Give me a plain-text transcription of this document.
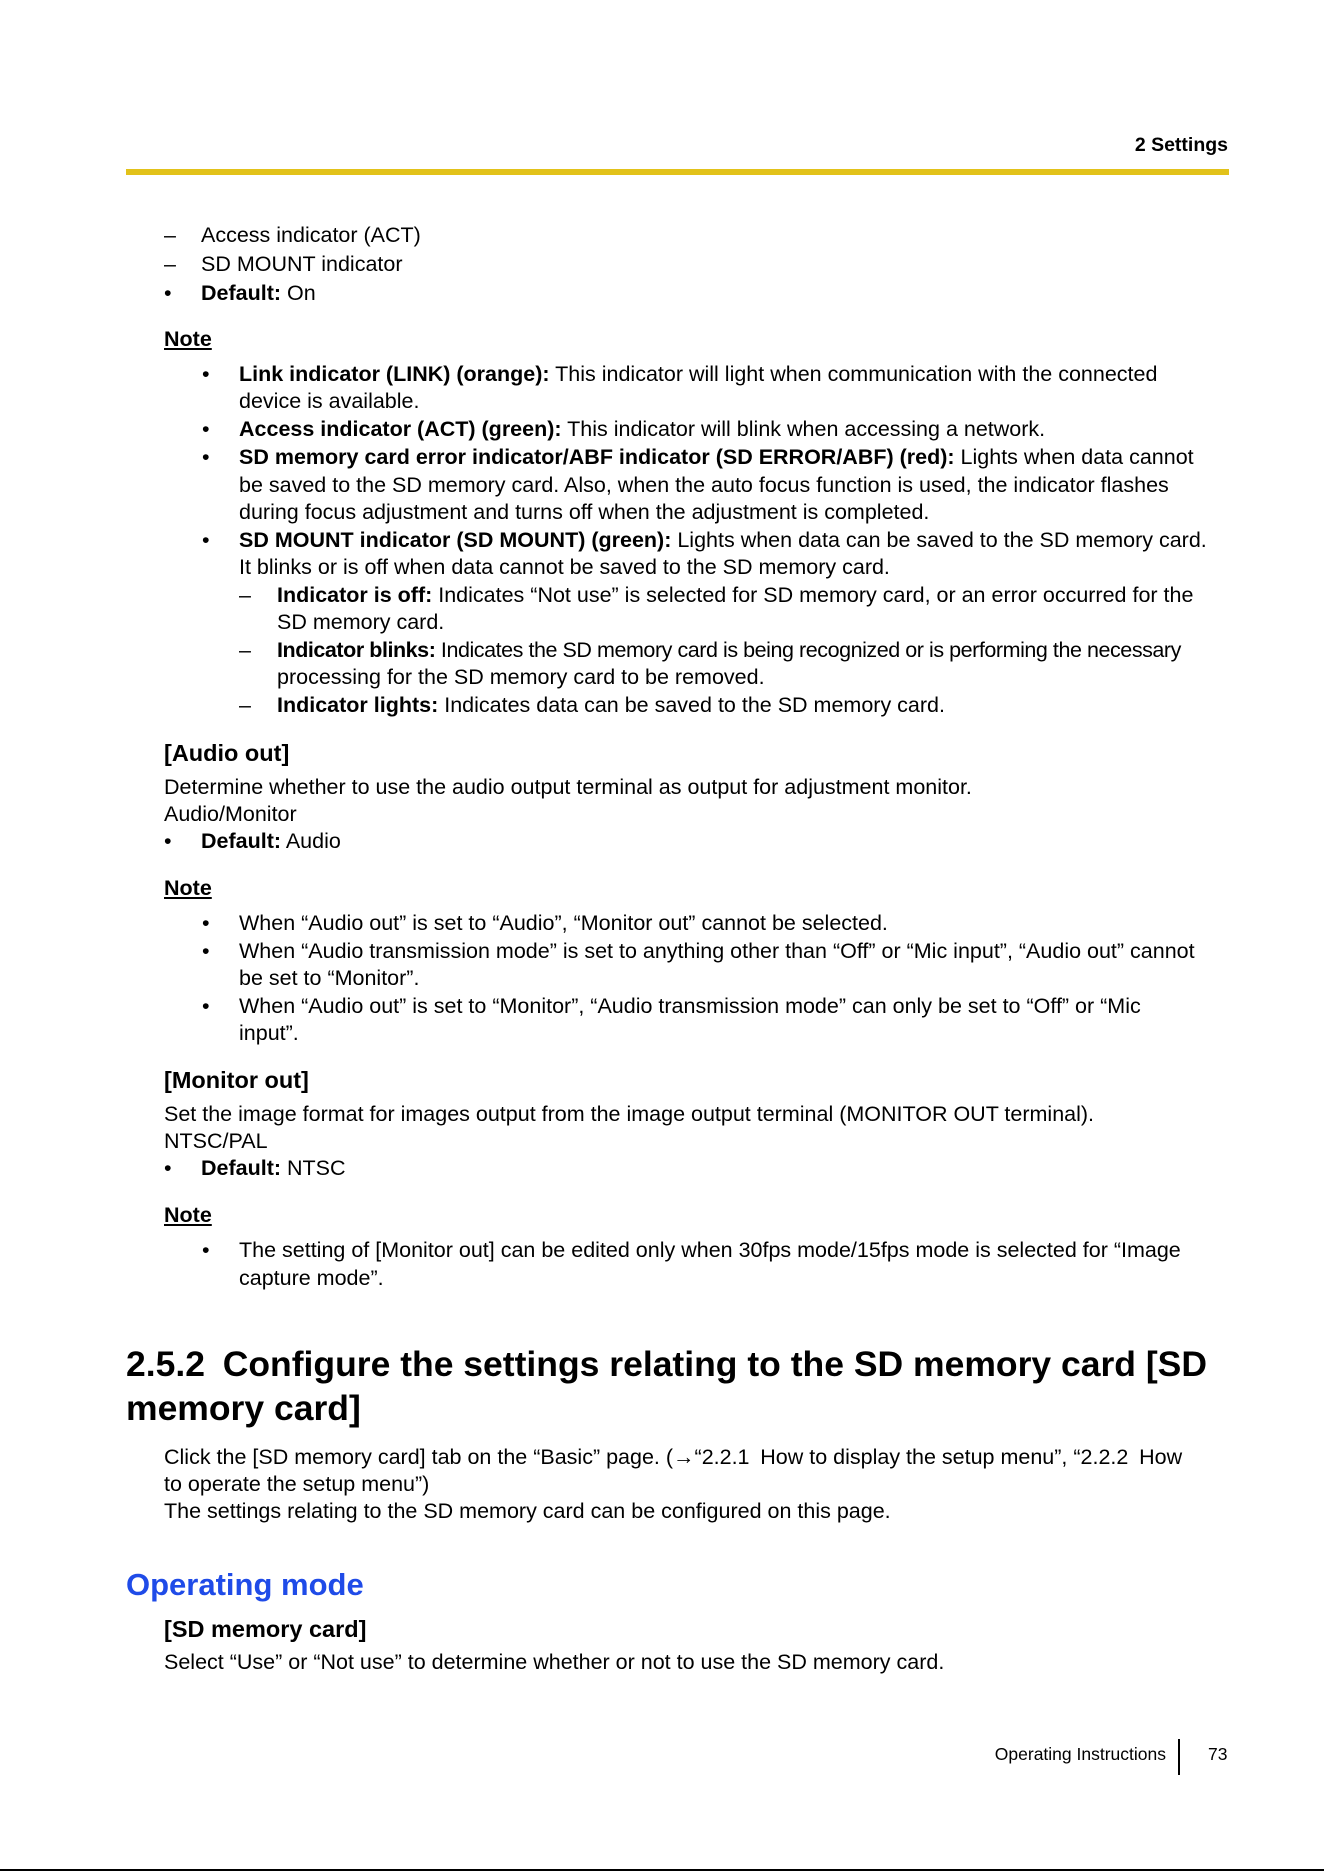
2 Settings
– Access indicator (ACT)
– SD MOUNT indicator
• Default: On
Note
• Link indicator (LINK) (orange): This indicator will light when communication with the connected
device is available.
• Access indicator (ACT) (green): This indicator will blink when accessing a network.
• SD memory card error indicator/ABF indicator (SD ERROR/ABF) (red): Lights when data cannot
be saved to the SD memory card. Also, when the auto focus function is used, the indicator flashes
during focus adjustment and turns off when the adjustment is completed.
• SD MOUNT indicator (SD MOUNT) (green): Lights when data can be saved to the SD memory card.
It blinks or is off when data cannot be saved to the SD memory card.
– Indicator is off: Indicates “Not use” is selected for SD memory card, or an error occurred for the
SD memory card.
– Indicator blinks: Indicates the SD memory card is being recognized or is performing the necessary
processing for the SD memory card to be removed.
– Indicator lights: Indicates data can be saved to the SD memory card.
[Audio out]
Determine whether to use the audio output terminal as output for adjustment monitor.
Audio/Monitor
• Default: Audio
Note
• When “Audio out” is set to “Audio”, “Monitor out” cannot be selected.
• When “Audio transmission mode” is set to anything other than “Off” or “Mic input”, “Audio out” cannot
be set to “Monitor”.
• When “Audio out” is set to “Monitor”, “Audio transmission mode” can only be set to “Off” or “Mic
input”.
[Monitor out]
Set the image format for images output from the image output terminal (MONITOR OUT terminal).
NTSC/PAL
• Default: NTSC
Note
• The setting of [Monitor out] can be edited only when 30fps mode/15fps mode is selected for “Image
capture mode”.
2.5.2 Configure the settings relating to the SD memory card [SD
memory card]
Click the [SD memory card] tab on the “Basic” page. (→“2.2.1 How to display the setup menu”, “2.2.2 How
to operate the setup menu”)
The settings relating to the SD memory card can be configured on this page.
Operating mode
[SD memory card]
Select “Use” or “Not use” to determine whether or not to use the SD memory card.
Operating Instructions 73
